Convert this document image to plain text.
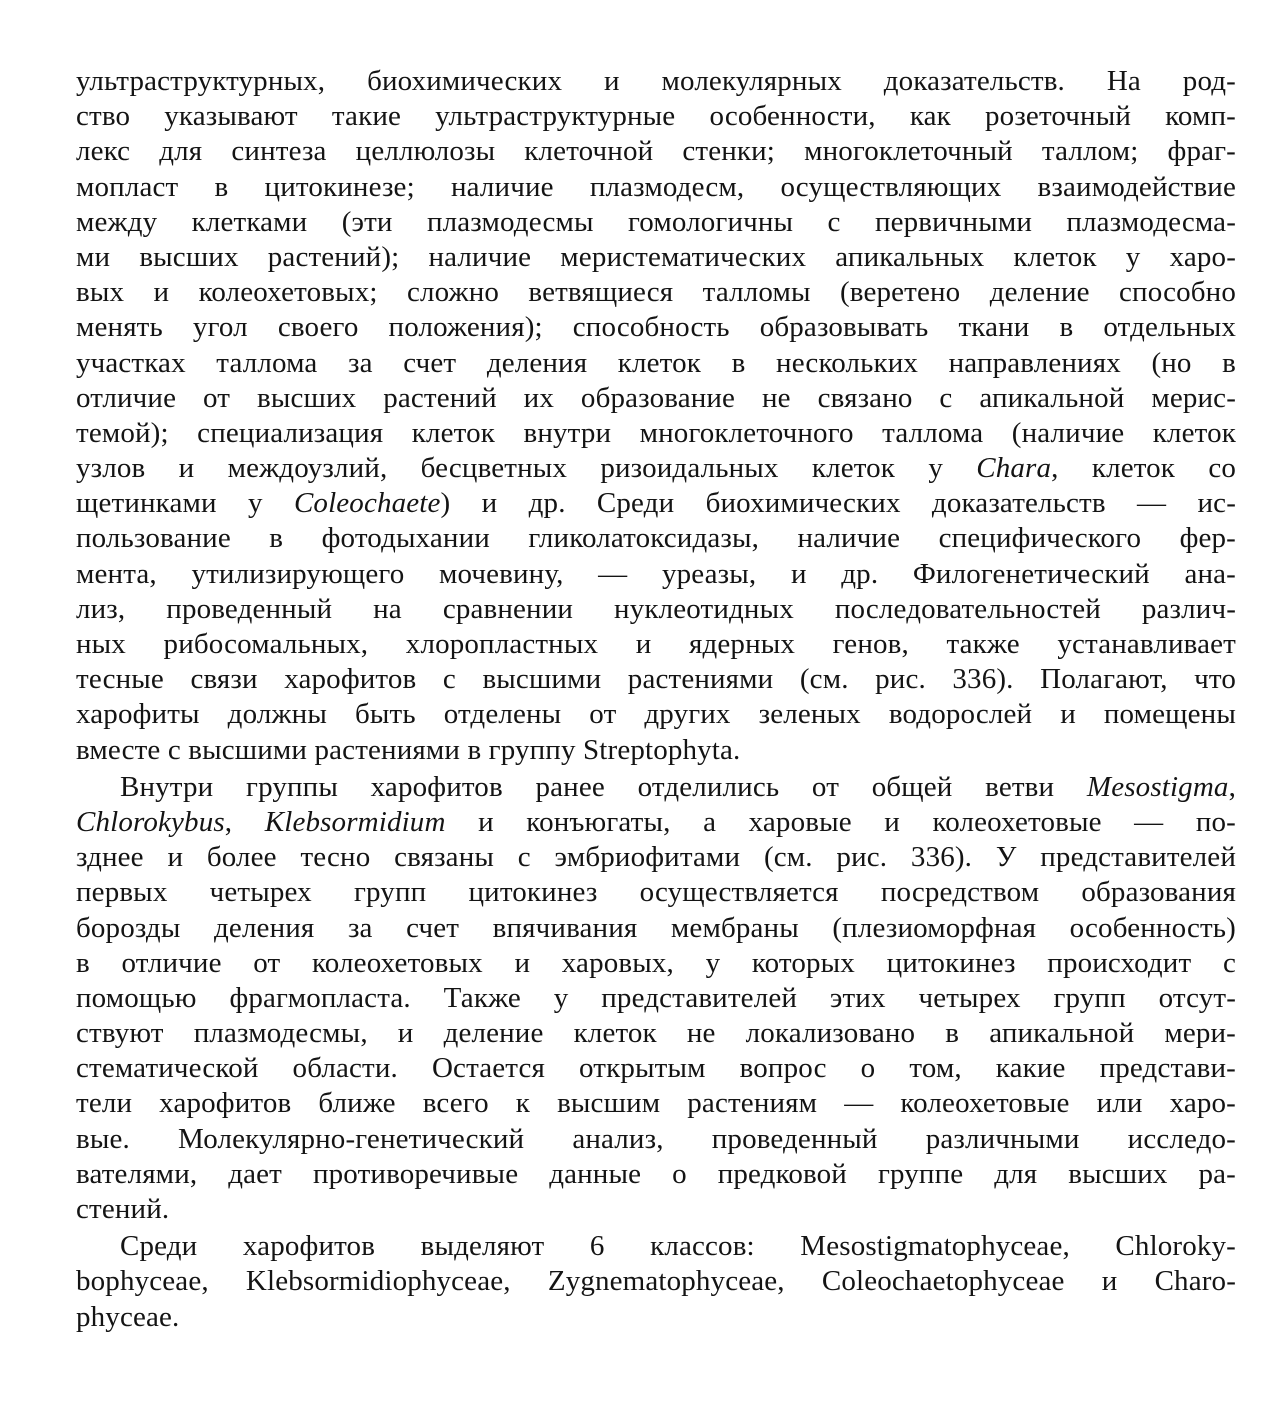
ультраструктурных, биохимических и молекулярных доказательств. На род-
ство указывают такие ультраструктурные особенности, как розеточный комп-
лекс для синтеза целлюлозы клеточной стенки; многоклеточный таллом; фраг-
мопласт в цитокинезе; наличие плазмодесм, осуществляющих взаимодействие
между клетками (эти плазмодесмы гомологичны с первичными плазмодесма-
ми высших растений); наличие меристематических апикальных клеток у харо-
вых и колеохетовых; сложно ветвящиеся талломы (веретено деление способно
менять угол своего положения); способность образовывать ткани в отдельных
участках таллома за счет деления клеток в нескольких направлениях (но в
отличие от высших растений их образование не связано с апикальной мерис-
темой); специализация клеток внутри многоклеточного таллома (наличие клеток
узлов и междоузлий, бесцветных ризоидальных клеток у Chara, клеток со
щетинками у Coleochaete) и др. Среди биохимических доказательств — ис-
пользование в фотодыхании гликолатоксидазы, наличие специфического фер-
мента, утилизирующего мочевину, — уреазы, и др. Филогенетический ана-
лиз, проведенный на сравнении нуклеотидных последовательностей различ-
ных рибосомальных, хлоропластных и ядерных генов, также устанавливает
тесные связи харофитов с высшими растениями (см. рис. 336). Полагают, что
харофиты должны быть отделены от других зеленых водорослей и помещены
вместе с высшими растениями в группу Streptophyta.
Внутри группы харофитов ранее отделились от общей ветви Mesostigma,
Chlorokybus, Klebsormidium и конъюгаты, а харовые и колеохетовые — по-
зднее и более тесно связаны с эмбриофитами (см. рис. 336). У представителей
первых четырех групп цитокинез осуществляется посредством образования
борозды деления за счет впячивания мембраны (плезиоморфная особенность)
в отличие от колеохетовых и харовых, у которых цитокинез происходит с
помощью фрагмопласта. Также у представителей этих четырех групп отсут-
ствуют плазмодесмы, и деление клеток не локализовано в апикальной мери-
стематической области. Остается открытым вопрос о том, какие представи-
тели харофитов ближе всего к высшим растениям — колеохетовые или харо-
вые. Молекулярно-генетический анализ, проведенный различными исследо-
вателями, дает противоречивые данные о предковой группе для высших ра-
стений.
Среди харофитов выделяют 6 классов: Mesostigmatophyceae, Chloroky-
bophyceae, Klebsormidiophyceae, Zygnematophyceae, Coleochaetophyceae и Charo-
phyceae.
